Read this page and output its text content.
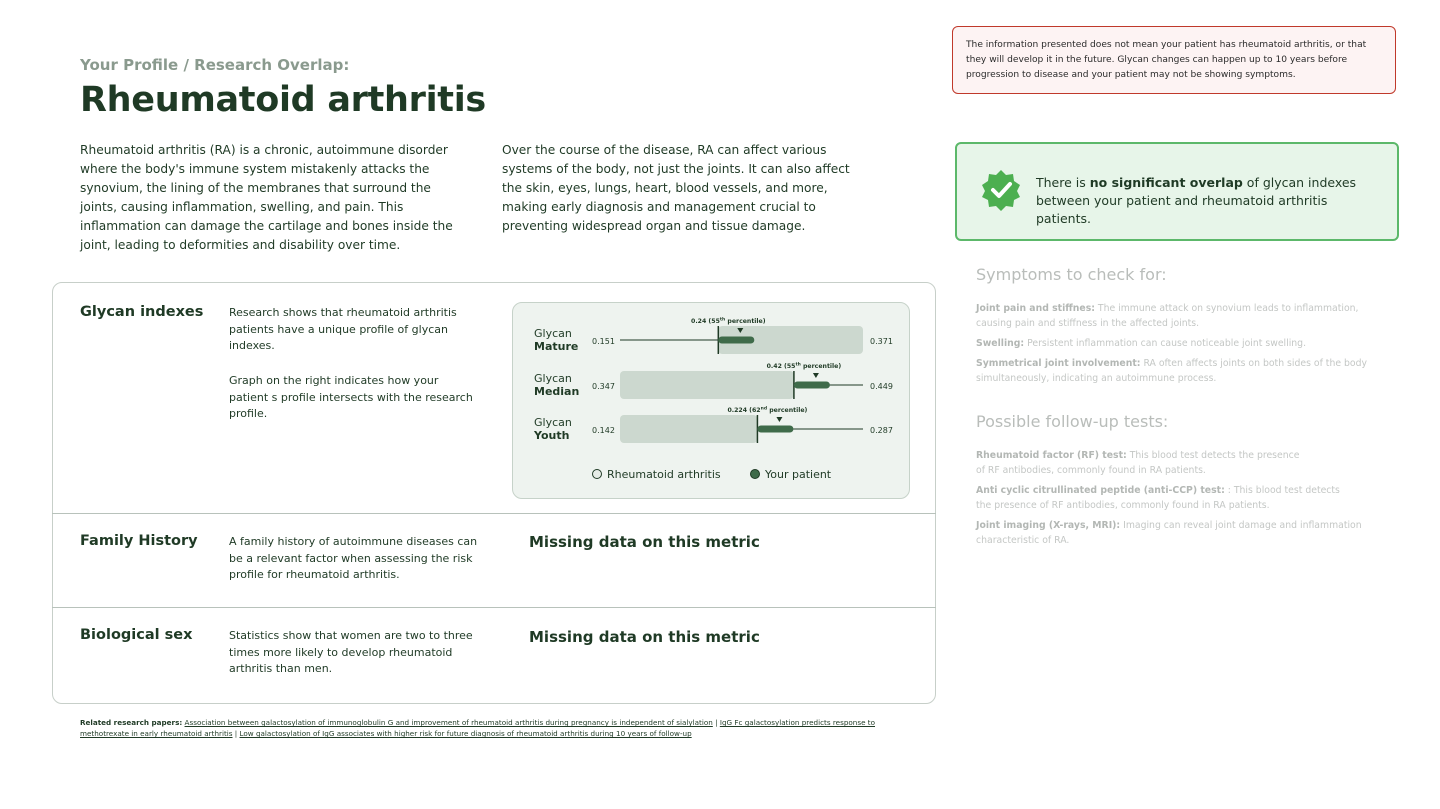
Your Profile / Research Overlap:
Rheumatoid arthritis

Rheumatoid arthritis (RA) is a chronic, autoimmune disorder where the body's immune system mistakenly attacks the synovium, the lining of the membranes that surround the joints, causing inflammation, swelling, and pain. This inflammation can damage the cartilage and bones inside the joint, leading to deformities and disability over time.

Over the course of the disease, RA can affect various systems of the body, not just the joints. It can also affect the skin, eyes, lungs, heart, blood vessels, and more, making early diagnosis and management crucial to preventing widespread organ and tissue damage.

Glycan indexes Research shows that rheumatoid arthritis patients have a unique profile of glycan indexes.

Graph on the right indicates how your patient s profile intersects with the research profile.

Glycan
Mature 0.151	0.371
0.24 (55th percentile)
Glycan
Median 0.347	0.449
0.42 (55th percentile)
Glycan
Youth	0.142	0.287
0.224 (62nd percentile)
Rheumatoid arthritis	Your patient
Family History	A family history of autoimmune diseases can be a relevant factor when assessing the risk profile for rheumatoid arthritis.

Missing data on this metric
Biological sex	Statistics show that women are two to three times more likely to develop rheumatoid arthritis than men.

Missing data on this metric
The information presented does not mean your patient has rheumatoid arthritis, or that they will develop it in the future. Glycan changes can happen up to 10 years before progression to disease and your patient may not be showing symptoms.
There is no significant overlap of glycan indexes between your patient and rheumatoid arthritis patients.
Symptoms to check for:
Joint pain and stiffnes: The immune attack on synovium leads to inflammation, causing pain and stiffness in the affected joints.
Swelling: Persistent inflammation can cause noticeable joint swelling.
Symmetrical joint involvement: RA often affects joints on both sides of the body simultaneously, indicating an autoimmune process.
Possible follow-up tests:
Rheumatoid factor (RF) test: This blood test detects the presence of RF antibodies, commonly found in RA patients.
Anti cyclic citrullinated peptide (anti-CCP) test: : This blood test detects the presence of RF antibodies, commonly found in RA patients.
Joint imaging (X-rays, MRI): Imaging can reveal joint damage and inflammation characteristic of RA.
Related research papers: Association between galactosylation of immunoglobulin G and improvement of rheumatoid arthritis during pregnancy is independent of sialylation | IgG Fc galactosylation predicts response to methotrexate in early rheumatoid arthritis | Low galactosylation of IgG associates with higher risk for future diagnosis of rheumatoid arthritis during 10 years of follow-up
